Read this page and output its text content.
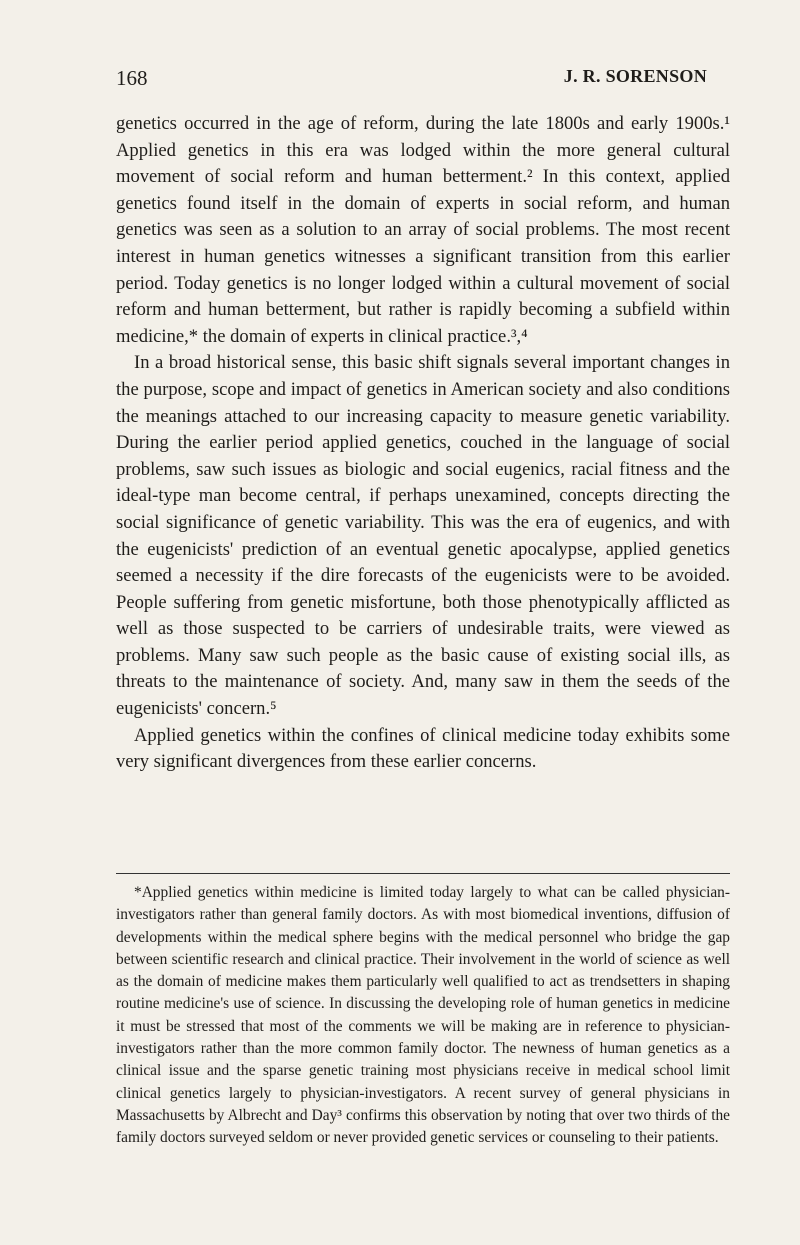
168	J. R. SORENSON

genetics occurred in the age of reform, during the late 1800s and early 1900s.¹ Applied genetics in this era was lodged within the more general cultural movement of social reform and human betterment.² In this context, applied genetics found itself in the domain of experts in social reform, and human genetics was seen as a solution to an array of social problems. The most recent interest in human genetics witnesses a significant transition from this earlier period. Today genetics is no longer lodged within a cultural movement of social reform and human betterment, but rather is rapidly becoming a subfield within medicine,* the domain of experts in clinical practice.³,⁴

In a broad historical sense, this basic shift signals several important changes in the purpose, scope and impact of genetics in American society and also conditions the meanings attached to our increasing capacity to measure genetic variability. During the earlier period applied genetics, couched in the language of social problems, saw such issues as biologic and social eugenics, racial fitness and the ideal-type man become central, if perhaps unexamined, concepts directing the social significance of genetic variability. This was the era of eugenics, and with the eugenicists' prediction of an eventual genetic apocalypse, applied genetics seemed a necessity if the dire forecasts of the eugenicists were to be avoided. People suffering from genetic misfortune, both those phenotypically afflicted as well as those suspected to be carriers of undesirable traits, were viewed as problems. Many saw such people as the basic cause of existing social ills, as threats to the maintenance of society. And, many saw in them the seeds of the eugenicists' concern.⁵

Applied genetics within the confines of clinical medicine today exhibits some very significant divergences from these earlier concerns.

*Applied genetics within medicine is limited today largely to what can be called physician-investigators rather than general family doctors. As with most biomedical inventions, diffusion of developments within the medical sphere begins with the medical personnel who bridge the gap between scientific research and clinical practice. Their involvement in the world of science as well as the domain of medicine makes them particularly well qualified to act as trendsetters in shaping routine medicine's use of science. In discussing the developing role of human genetics in medicine it must be stressed that most of the comments we will be making are in reference to physician-investigators rather than the more common family doctor. The newness of human genetics as a clinical issue and the sparse genetic training most physicians receive in medical school limit clinical genetics largely to physician-investigators. A recent survey of general physicians in Massachusetts by Albrecht and Day³ confirms this observation by noting that over two thirds of the family doctors surveyed seldom or never provided genetic services or counseling to their patients.
